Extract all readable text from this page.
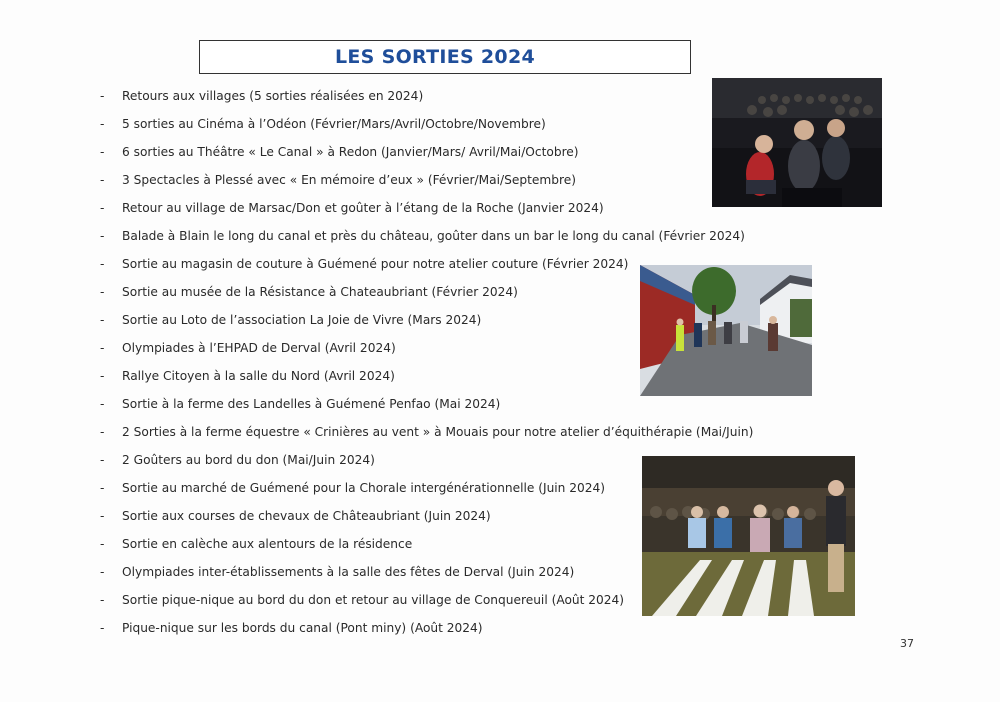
LES SORTIES 2024
- Retours aux villages (5 sorties réalisées en 2024)
- 5 sorties au Cinéma à l’Odéon (Février/Mars/Avril/Octobre/Novembre)
- 6 sorties au Théâtre « Le Canal » à Redon (Janvier/Mars/ Avril/Mai/Octobre)
- 3 Spectacles à Plessé avec « En mémoire d’eux » (Février/Mai/Septembre)
- Retour au village de Marsac/Don et goûter à l’étang de la Roche (Janvier 2024)
- Balade à Blain le long du canal et près du château, goûter dans un bar le long du canal (Février 2024)
- Sortie au magasin de couture à Guémené pour notre atelier couture (Février 2024)
- Sortie au musée de la Résistance à Chateaubriant (Février 2024)
- Sortie au Loto de l’association La Joie de Vivre (Mars 2024)
- Olympiades à l’EHPAD de Derval (Avril 2024)
- Rallye Citoyen à la salle du Nord (Avril 2024)
- Sortie à la ferme des Landelles à Guémené Penfao (Mai 2024)
- 2 Sorties à la ferme équestre « Crinières au vent » à Mouais pour notre atelier d’équithérapie (Mai/Juin)
- 2 Goûters au bord du don (Mai/Juin 2024)
- Sortie au marché de Guémené pour la Chorale intergénérationnelle (Juin 2024)
- Sortie aux courses de chevaux de Châteaubriant (Juin 2024)
- Sortie en calèche aux alentours de la résidence
- Olympiades inter-établissements à la salle des fêtes de Derval (Juin 2024)
- Sortie pique-nique au bord du don et retour au village de Conquereuil (Août 2024)
- Pique-nique sur les bords du canal (Pont miny) (Août 2024)
37
